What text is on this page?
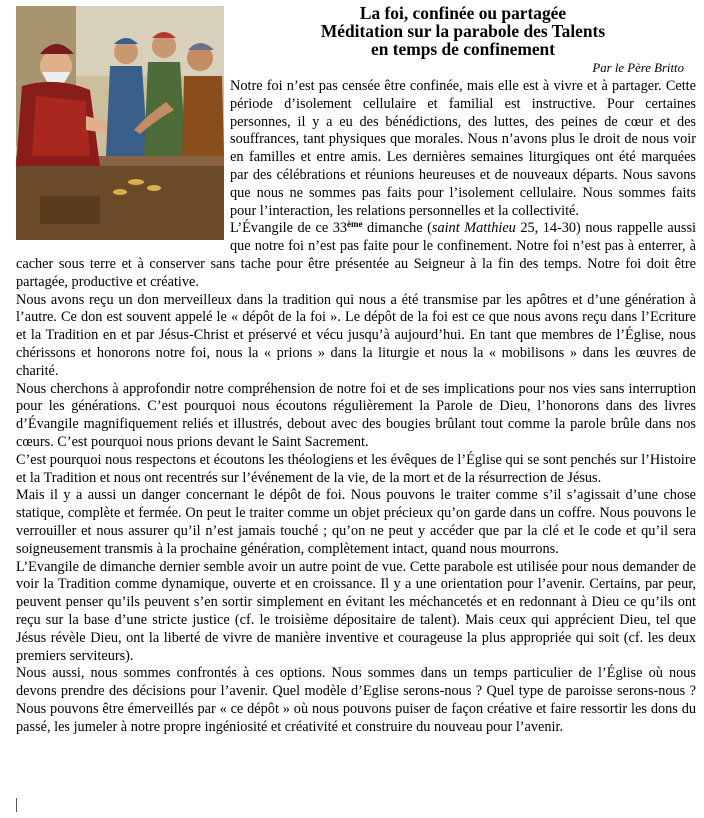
La foi, confinée ou partagée
Méditation sur la parabole des Talents
en temps de confinement
Par le Père Britto

Notre foi n’est pas censée être confinée, mais elle est à vivre et à partager. Cette période d’isolement cellulaire et familial est instructive. Pour certaines personnes, il y a eu des bénédictions, des luttes, des peines de cœur et des souffrances, tant physiques que morales. Nous n’avons plus le droit de nous voir en familles et entre amis. Les dernières semaines liturgiques ont été marquées par des célébrations et réunions heureuses et de nouveaux départs. Nous savons que nous ne sommes pas faits pour l’isolement cellulaire. Nous sommes faits pour l’interaction, les relations personnelles et la collectivité.

L’Évangile de ce 33ème dimanche (saint Matthieu 25, 14-30) nous rappelle aussi que notre foi n’est pas faite pour le confinement. Notre foi n’est pas à enterrer, à cacher sous terre et à conserver sans tache pour être présentée au Seigneur à la fin des temps. Notre foi doit être partagée, productive et créative.

Nous avons reçu un don merveilleux dans la tradition qui nous a été transmise par les apôtres et d’une génération à l’autre. Ce don est souvent appelé le « dépôt de la foi ». Le dépôt de la foi est ce que nous avons reçu dans l’Ecriture et la Tradition en et par Jésus-Christ et préservé et vécu jusqu’à aujourd’hui. En tant que membres de l’Église, nous chérissons et honorons notre foi, nous la « prions » dans la liturgie et nous la « mobilisons » dans les œuvres de charité.

Nous cherchons à approfondir notre compréhension de notre foi et de ses implications pour nos vies sans interruption pour les générations. C’est pourquoi nous écoutons régulièrement la Parole de Dieu, l’honorons dans des livres d’Évangile magnifiquement reliés et illustrés, debout avec des bougies brûlant tout comme la parole brûle dans nos cœurs. C’est pourquoi nous prions devant le Saint Sacrement.

C’est pourquoi nous respectons et écoutons les théologiens et les évêques de l’Église qui se sont penchés sur l’Histoire et la Tradition et nous ont recentrés sur l’événement de la vie, de la mort et de la résurrection de Jésus.

Mais il y a aussi un danger concernant le dépôt de foi. Nous pouvons le traiter comme s’il s’agissait d’une chose statique, complète et fermée. On peut le traiter comme un objet précieux qu’on garde dans un coffre. Nous pouvons le verrouiller et nous assurer qu’il n’est jamais touché ; qu’on ne peut y accéder que par la clé et le code et qu’il sera soigneusement transmis à la prochaine génération, complètement intact, quand nous mourrons.

L’Evangile de dimanche dernier semble avoir un autre point de vue. Cette parabole est utilisée pour nous demander de voir la Tradition comme dynamique, ouverte et en croissance. Il y a une orientation pour l’avenir. Certains, par peur, peuvent penser qu’ils peuvent s’en sortir simplement en évitant les méchancetés et en redonnant à Dieu ce qu’ils ont reçu sur la base d’une stricte justice (cf. le troisième dépositaire de talent). Mais ceux qui apprécient Dieu, tel que Jésus révèle Dieu, ont la liberté de vivre de manière inventive et courageuse la plus appropriée qui soit (cf. les deux premiers serviteurs).

Nous aussi, nous sommes confrontés à ces options. Nous sommes dans un temps particulier de l’Église où nous devons prendre des décisions pour l’avenir. Quel modèle d’Eglise serons-nous ? Quel type de paroisse serons-nous ? Nous pouvons être émerveillés par « ce dépôt » où nous pouvons puiser de façon créative et faire ressortir les dons du passé, les jumeler à notre propre ingéniosité et créativité et construire du nouveau pour l’avenir.
